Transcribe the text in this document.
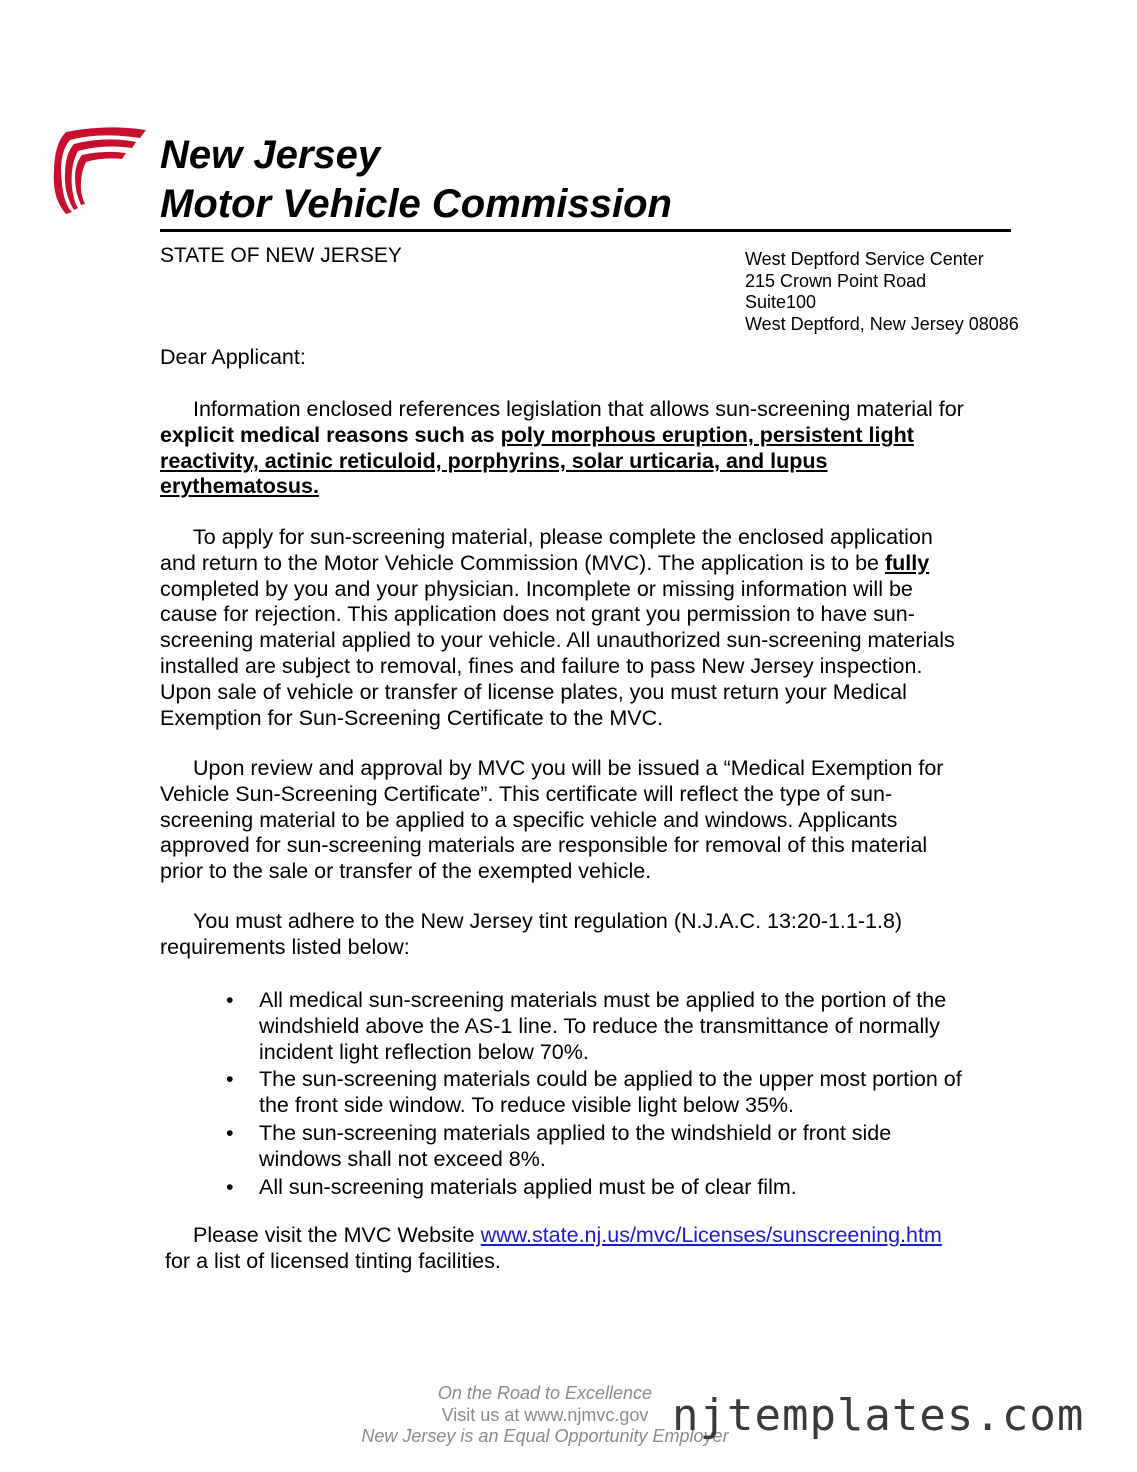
New Jersey
Motor Vehicle Commission
STATE OF NEW JERSEY	West Deptford Service Center
215 Crown Point Road
Suite100
West Deptford, New Jersey 08086
Dear Applicant:
Information enclosed references legislation that allows sun-screening material for
explicit medical reasons such as poly morphous eruption, persistent light
reactivity, actinic reticuloid, porphyrins, solar urticaria, and lupus
erythematosus.
To apply for sun-screening material, please complete the enclosed application
and return to the Motor Vehicle Commission (MVC). The application is to be fully
completed by you and your physician. Incomplete or missing information will be
cause for rejection. This application does not grant you permission to have sun-
screening material applied to your vehicle. All unauthorized sun-screening materials
installed are subject to removal, fines and failure to pass New Jersey inspection.
Upon sale of vehicle or transfer of license plates, you must return your Medical
Exemption for Sun-Screening Certificate to the MVC.
Upon review and approval by MVC you will be issued a “Medical Exemption for
Vehicle Sun-Screening Certificate”. This certificate will reflect the type of sun-
screening material to be applied to a specific vehicle and windows. Applicants
approved for sun-screening materials are responsible for removal of this material
prior to the sale or transfer of the exempted vehicle.
You must adhere to the New Jersey tint regulation (N.J.A.C. 13:20-1.1-1.8)
requirements listed below:
• All medical sun-screening materials must be applied to the portion of the
windshield above the AS-1 line. To reduce the transmittance of normally
incident light reflection below 70%.
• The sun-screening materials could be applied to the upper most portion of
the front side window. To reduce visible light below 35%.
• The sun-screening materials applied to the windshield or front side
windows shall not exceed 8%.
• All sun-screening materials applied must be of clear film.
Please visit the MVC Website www.state.nj.us/mvc/Licenses/sunscreening.htm
for a list of licensed tinting facilities.
On the Road to Excellence
Visit us at www.njmvc.gov
New Jersey is an Equal Opportunity Employer
njtemplates.com
